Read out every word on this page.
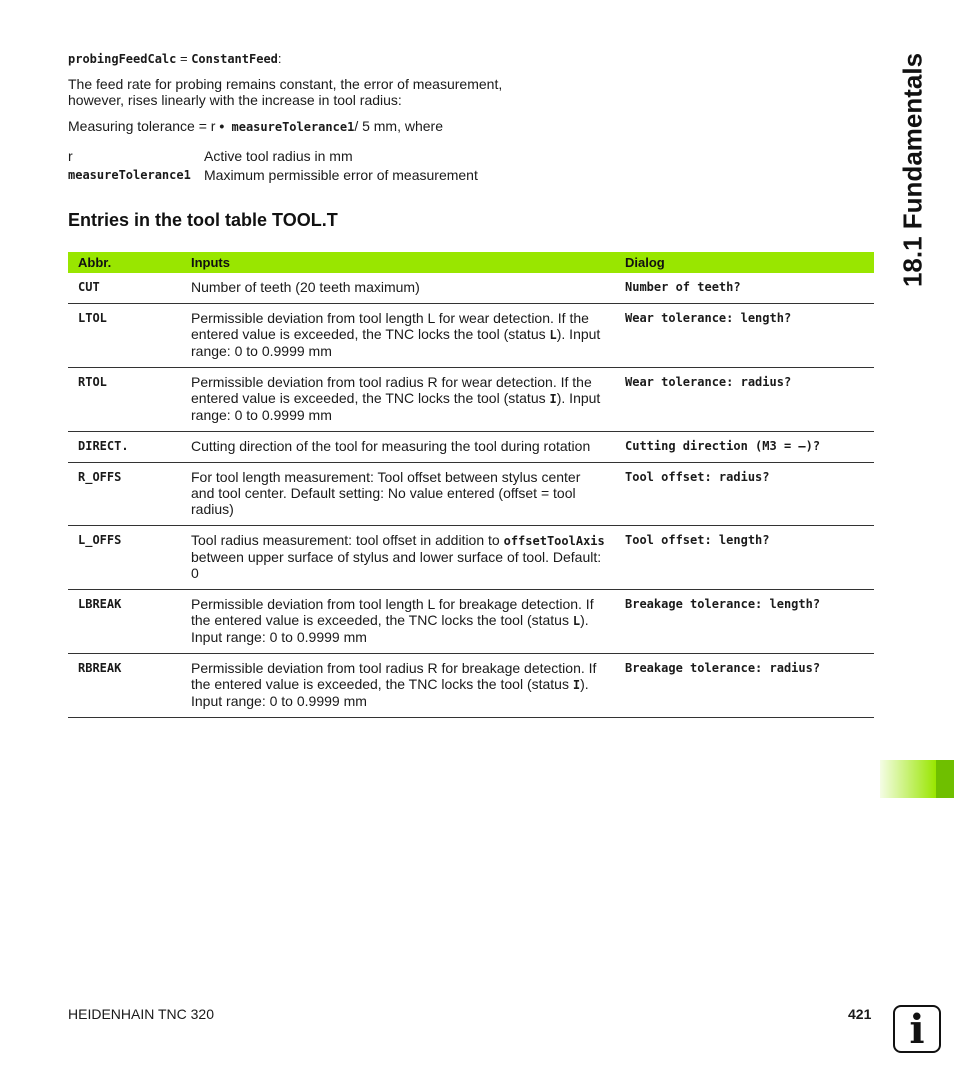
probingFeedCalc = ConstantFeed:
The feed rate for probing remains constant, the error of measurement, however, rises linearly with the increase in tool radius:
Measuring tolerance = r • measureTolerance1/ 5 mm, where
r	Active tool radius in mm
measureTolerance1 Maximum permissible error of measurement
Entries in the tool table TOOL.T
Abbr.	Inputs	Dialog
CUT	Number of teeth (20 teeth maximum)	Number of teeth?
LTOL	Permissible deviation from tool length L for wear detection. If the entered value is exceeded, the TNC locks the tool (status L). Input range: 0 to 0.9999 mm	Wear tolerance: length?
RTOL	Permissible deviation from tool radius R for wear detection. If the entered value is exceeded, the TNC locks the tool (status I). Input range: 0 to 0.9999 mm	Wear tolerance: radius?
DIRECT.	Cutting direction of the tool for measuring the tool during rotation	Cutting direction (M3 = –)?
R_OFFS	For tool length measurement: Tool offset between stylus center and tool center. Default setting: No value entered (offset = tool radius)	Tool offset: radius?
L_OFFS	Tool radius measurement: tool offset in addition to offsetToolAxis between upper surface of stylus and lower surface of tool. Default: 0	Tool offset: length?
LBREAK	Permissible deviation from tool length L for breakage detection. If the entered value is exceeded, the TNC locks the tool (status L). Input range: 0 to 0.9999 mm	Breakage tolerance: length?
RBREAK	Permissible deviation from tool radius R for breakage detection. If the entered value is exceeded, the TNC locks the tool (status I). Input range: 0 to 0.9999 mm	Breakage tolerance: radius?
18.1 Fundamentals
HEIDENHAIN TNC 320	421 i
